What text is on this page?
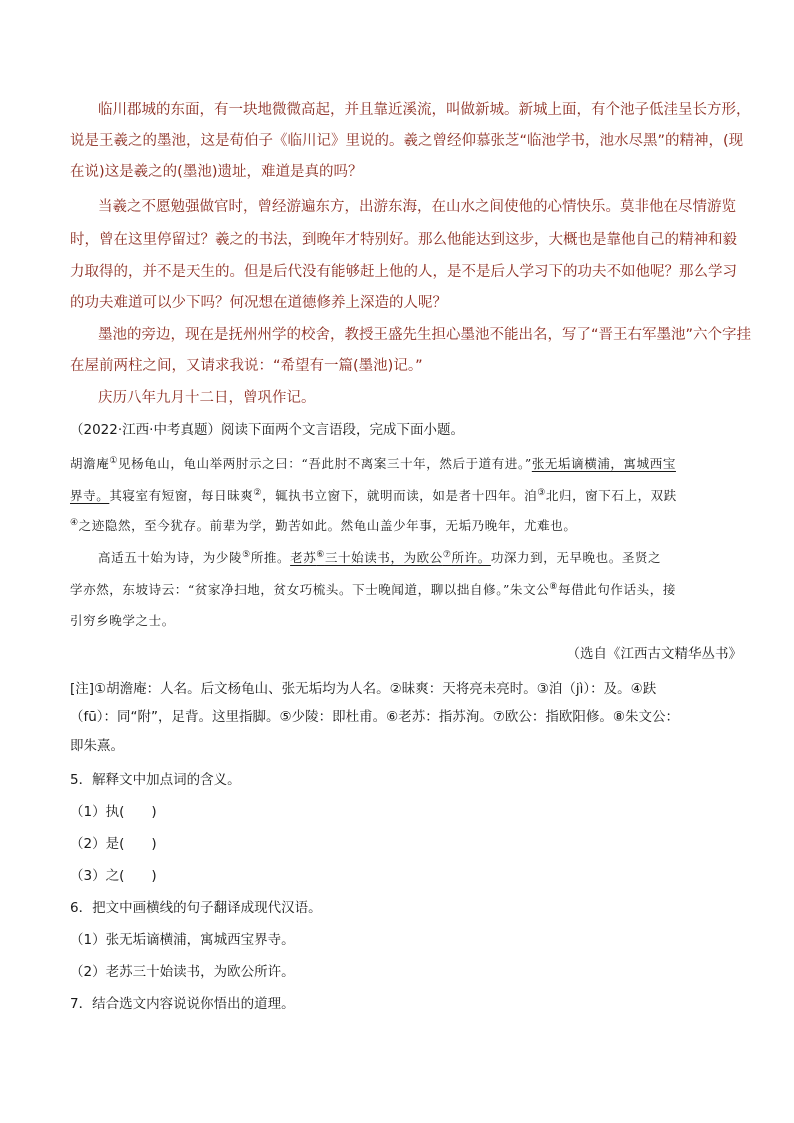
临川郡城的东面，有一块地微微高起，并且靠近溪流，叫做新城。新城上面，有个池子低洼呈长方形，
说是王羲之的墨池，这是荀伯子《临川记》里说的。羲之曾经仰慕张芝“临池学书，池水尽黑”的精神，(现
在说)这是羲之的(墨池)遗址，难道是真的吗？
当羲之不愿勉强做官时，曾经游遍东方，出游东海，在山水之间使他的心情快乐。莫非他在尽情游览
时，曾在这里停留过？羲之的书法，到晚年才特别好。那么他能达到这步，大概也是靠他自己的精神和毅
力取得的，并不是天生的。但是后代没有能够赶上他的人，是不是后人学习下的功夫不如他呢？那么学习
的功夫难道可以少下吗？何况想在道德修养上深造的人呢？
墨池的旁边，现在是抚州州学的校舍，教授王盛先生担心墨池不能出名，写了“晋王右军墨池”六个字挂
在屋前两柱之间，又请求我说：“希望有一篇(墨池)记。”
庆历八年九月十二日，曾巩作记。
（2022·江西·中考真题）阅读下面两个文言语段，完成下面小题。
胡澹庵①见杨龟山，龟山举两肘示之曰：“吾此肘不离案三十年，然后于道有进。”张无垢谪横浦，寓城西宝
界寺。其寝室有短窗，每日昧爽②，辄执书立窗下，就明而读，如是者十四年。洎③北归，窗下石上，双趺
④之迹隐然，至今犹存。前辈为学，勤苦如此。然龟山盖少年事，无垢乃晚年，尤难也。
高适五十始为诗，为少陵⑤所推。老苏⑥三十始读书，为欧公⑦所许。功深力到，无早晚也。圣贤之
学亦然，东坡诗云：“贫家净扫地，贫女巧梳头。下士晚闻道，聊以拙自修。”朱文公⑧每借此句作话头，接
引穷乡晚学之士。
（选自《江西古文精华丛书》
[注]①胡澹庵：人名。后文杨龟山、张无垢均为人名。②昧爽：天将亮未亮时。③洎（jì）：及。④趺
（fū）：同“附”，足背。这里指脚。⑤少陵：即杜甫。⑥老苏：指苏洵。⑦欧公：指欧阳修。⑧朱文公：
即朱熹。
5．解释文中加点词的含义。
（1）执(　　)
（2）是(　　)
（3）之(　　)
6．把文中画横线的句子翻译成现代汉语。
（1）张无垢谪横浦，寓城西宝界寺。
（2）老苏三十始读书，为欧公所许。
7．结合选文内容说说你悟出的道理。
